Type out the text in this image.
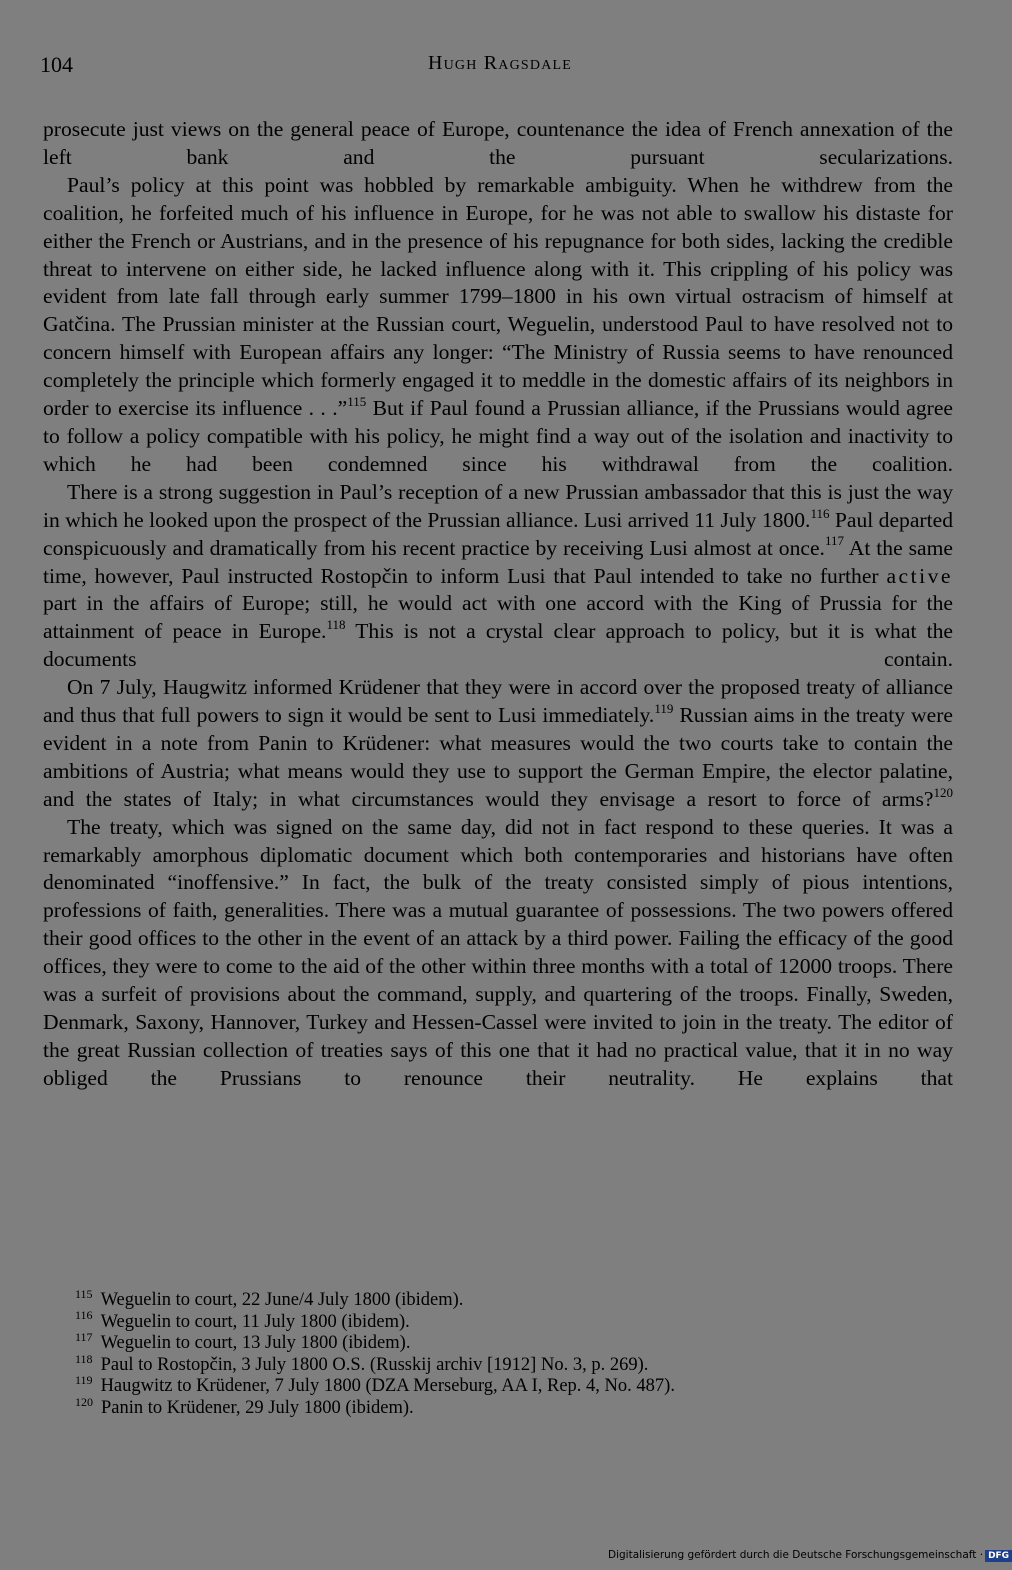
104	Hugh Ragsdale

prosecute just views on the general peace of Europe, countenance the idea of French annexation of the left bank and the pursuant secularizations.

Paul’s policy at this point was hobbled by remarkable ambiguity. When he withdrew from the coalition, he forfeited much of his influence in Europe, for he was not able to swallow his distaste for either the French or Austrians, and in the presence of his repugnance for both sides, lacking the credible threat to intervene on either side, he lacked influence along with it. This crippling of his policy was evident from late fall through early summer 1799–1800 in his own virtual ostracism of himself at Gatčina. The Prussian minister at the Russian court, Weguelin, understood Paul to have resolved not to concern himself with European affairs any longer: “The Ministry of Russia seems to have renounced completely the principle which formerly engaged it to meddle in the domestic affairs of its neighbors in order to exercise its influence . . .”$^{115}$ But if Paul found a Prussian alliance, if the Prussians would agree to follow a policy compatible with his policy, he might find a way out of the isolation and inactivity to which he had been condemned since his withdrawal from the coalition.

There is a strong suggestion in Paul’s reception of a new Prussian ambassador that this is just the way in which he looked upon the prospect of the Prussian alliance. Lusi arrived 11 July 1800.$^{116}$ Paul departed conspicuously and dramatically from his recent practice by receiving Lusi almost at once.$^{117}$ At the same time, however, Paul instructed Rostopčin to inform Lusi that Paul intended to take no further active part in the affairs of Europe; still, he would act with one accord with the King of Prussia for the attainment of peace in Europe.$^{118}$ This is not a crystal clear approach to policy, but it is what the documents contain.

On 7 July, Haugwitz informed Krüdener that they were in accord over the proposed treaty of alliance and thus that full powers to sign it would be sent to Lusi immediately.$^{119}$ Russian aims in the treaty were evident in a note from Panin to Krüdener: what measures would the two courts take to contain the ambitions of Austria; what means would they use to support the German Empire, the elector palatine, and the states of Italy; in what circumstances would they envisage a resort to force of arms?$^{120}$

The treaty, which was signed on the same day, did not in fact respond to these queries. It was a remarkably amorphous diplomatic document which both contemporaries and historians have often denominated “inoffensive.” In fact, the bulk of the treaty consisted simply of pious intentions, professions of faith, generalities. There was a mutual guarantee of possessions. The two powers offered their good offices to the other in the event of an attack by a third power. Failing the efficacy of the good offices, they were to come to the aid of the other within three months with a total of 12000 troops. There was a surfeit of provisions about the command, supply, and quartering of the troops. Finally, Sweden, Denmark, Saxony, Hannover, Turkey and Hessen-Cassel were invited to join in the treaty. The editor of the great Russian collection of treaties says of this one that it had no practical value, that it in no way obliged the Prussians to renounce their neutrality. He explains that

$^{115}$ Weguelin to court, 22 June/4 July 1800 (ibidem).
$^{116}$ Weguelin to court, 11 July 1800 (ibidem).
$^{117}$ Weguelin to court, 13 July 1800 (ibidem).
$^{118}$ Paul to Rostopčin, 3 July 1800 O.S. (Russkij archiv [1912] No. 3, p. 269).
$^{119}$ Haugwitz to Krüdener, 7 July 1800 (DZA Merseburg, AA I, Rep. 4, No. 487).
$^{120}$ Panin to Krüdener, 29 July 1800 (ibidem).
Digitalisierung gefördert durch die Deutsche Forschungsgemeinschaft · DFG
